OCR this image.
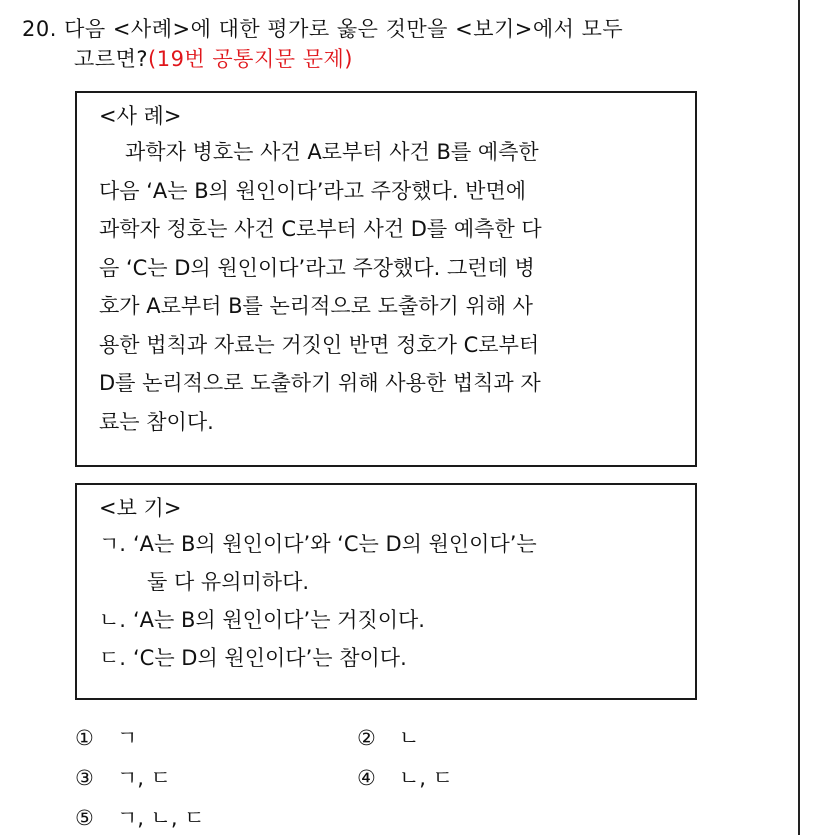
20. 다음 <사례>에 대한 평가로 옳은 것만을 <보기>에서 모두
고르면?(19번 공통지문 문제)
<사 례>
과학자 병호는 사건 A로부터 사건 B를 예측한
다음 ‘A는 B의 원인이다’라고 주장했다. 반면에
과학자 정호는 사건 C로부터 사건 D를 예측한 다
음 ‘C는 D의 원인이다’라고 주장했다. 그런데 병
호가 A로부터 B를 논리적으로 도출하기 위해 사
용한 법칙과 자료는 거짓인 반면 정호가 C로부터
D를 논리적으로 도출하기 위해 사용한 법칙과 자
료는 참이다.
<보 기>
ㄱ. ‘A는 B의 원인이다’와 ‘C는 D의 원인이다’는
둘 다 유의미하다.
ㄴ. ‘A는 B의 원인이다’는 거짓이다.
ㄷ. ‘C는 D의 원인이다’는 참이다.
① ㄱ	② ㄴ
③ ㄱ, ㄷ	④ ㄴ, ㄷ
⑤ ㄱ, ㄴ, ㄷ
